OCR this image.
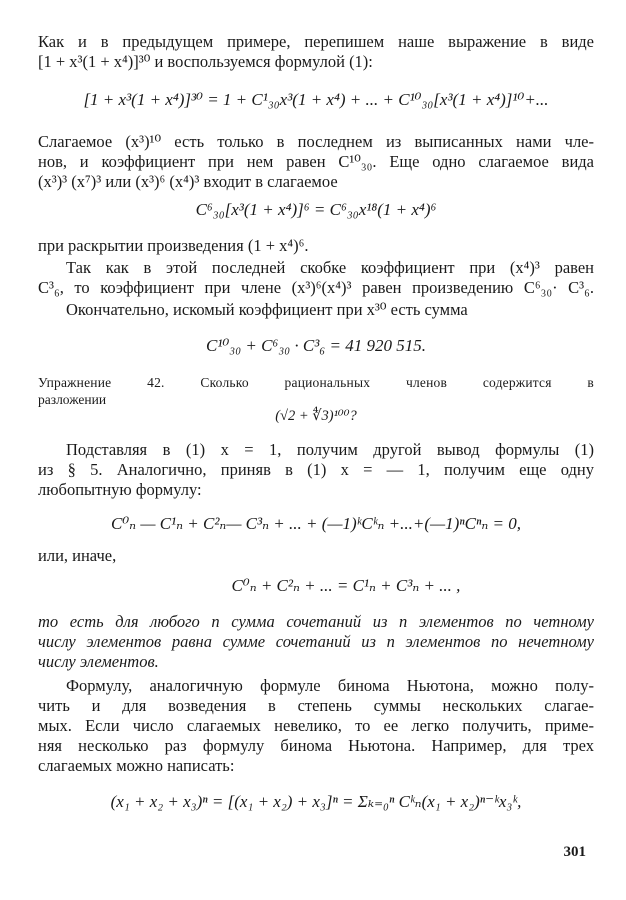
Как и в предыдущем примере, перепишем наше выражение в виде
[1 + x³(1 + x⁴)]³⁰ и воспользуемся формулой (1):
[1 + x³(1 + x⁴)]³⁰ = 1 + C¹₃₀x³(1 + x⁴) + ... + C¹⁰₃₀[x³(1 + x⁴)]¹⁰+...
Слагаемое (x³)¹⁰ есть только в последнем из выписанных нами чле-
нов, и коэффициент при нем равен C¹⁰₃₀. Еще одно слагаемое вида
(x³)³ (x⁷)³ или (x³)⁶ (x⁴)³ входит в слагаемое
C⁶₃₀[x³(1 + x⁴)]⁶ = C⁶₃₀x¹⁸(1 + x⁴)⁶
при раскрытии произведения (1 + x⁴)⁶.
Так как в этой последней скобке коэффициент при (x⁴)³ равен
C³₆, то коэффициент при члене (x³)⁶(x⁴)³ равен произведению C⁶₃₀· C³₆.
Окончательно, искомый коэффициент при x³⁰ есть сумма
C¹⁰₃₀ + C⁶₃₀ · C³₆ = 41 920 515.
Упражнение 42. Сколько рациональных членов содержится в
разложении
(√2 + ∜3)¹⁰⁰?
Подставляя в (1) x = 1, получим другой вывод формулы (1)
из § 5. Аналогично, приняв в (1) x = — 1, получим еще одну
любопытную формулу:
C⁰ₙ — C¹ₙ + C²ₙ— C³ₙ + ... + (—1)ᵏCᵏₙ +...+(—1)ⁿCⁿₙ = 0,
или, иначе,
C⁰ₙ + C²ₙ + ... = C¹ₙ + C³ₙ + ... ,
то есть для любого n сумма сочетаний из n элементов по четному
числу элементов равна сумме сочетаний из n элементов по нечетному
числу элементов.
Формулу, аналогичную формуле бинома Ньютона, можно полу-
чить и для возведения в степень суммы нескольких слагае-
мых. Если число слагаемых невелико, то ее легко получить, приме-
няя несколько раз формулу бинома Ньютона. Например, для трех
слагаемых можно написать:
(x₁ + x₂ + x₃)ⁿ = [(x₁ + x₂) + x₃]ⁿ = Σₖ₌₀ⁿ Cᵏₙ(x₁ + x₂)ⁿ⁻ᵏx₃ᵏ,
301
